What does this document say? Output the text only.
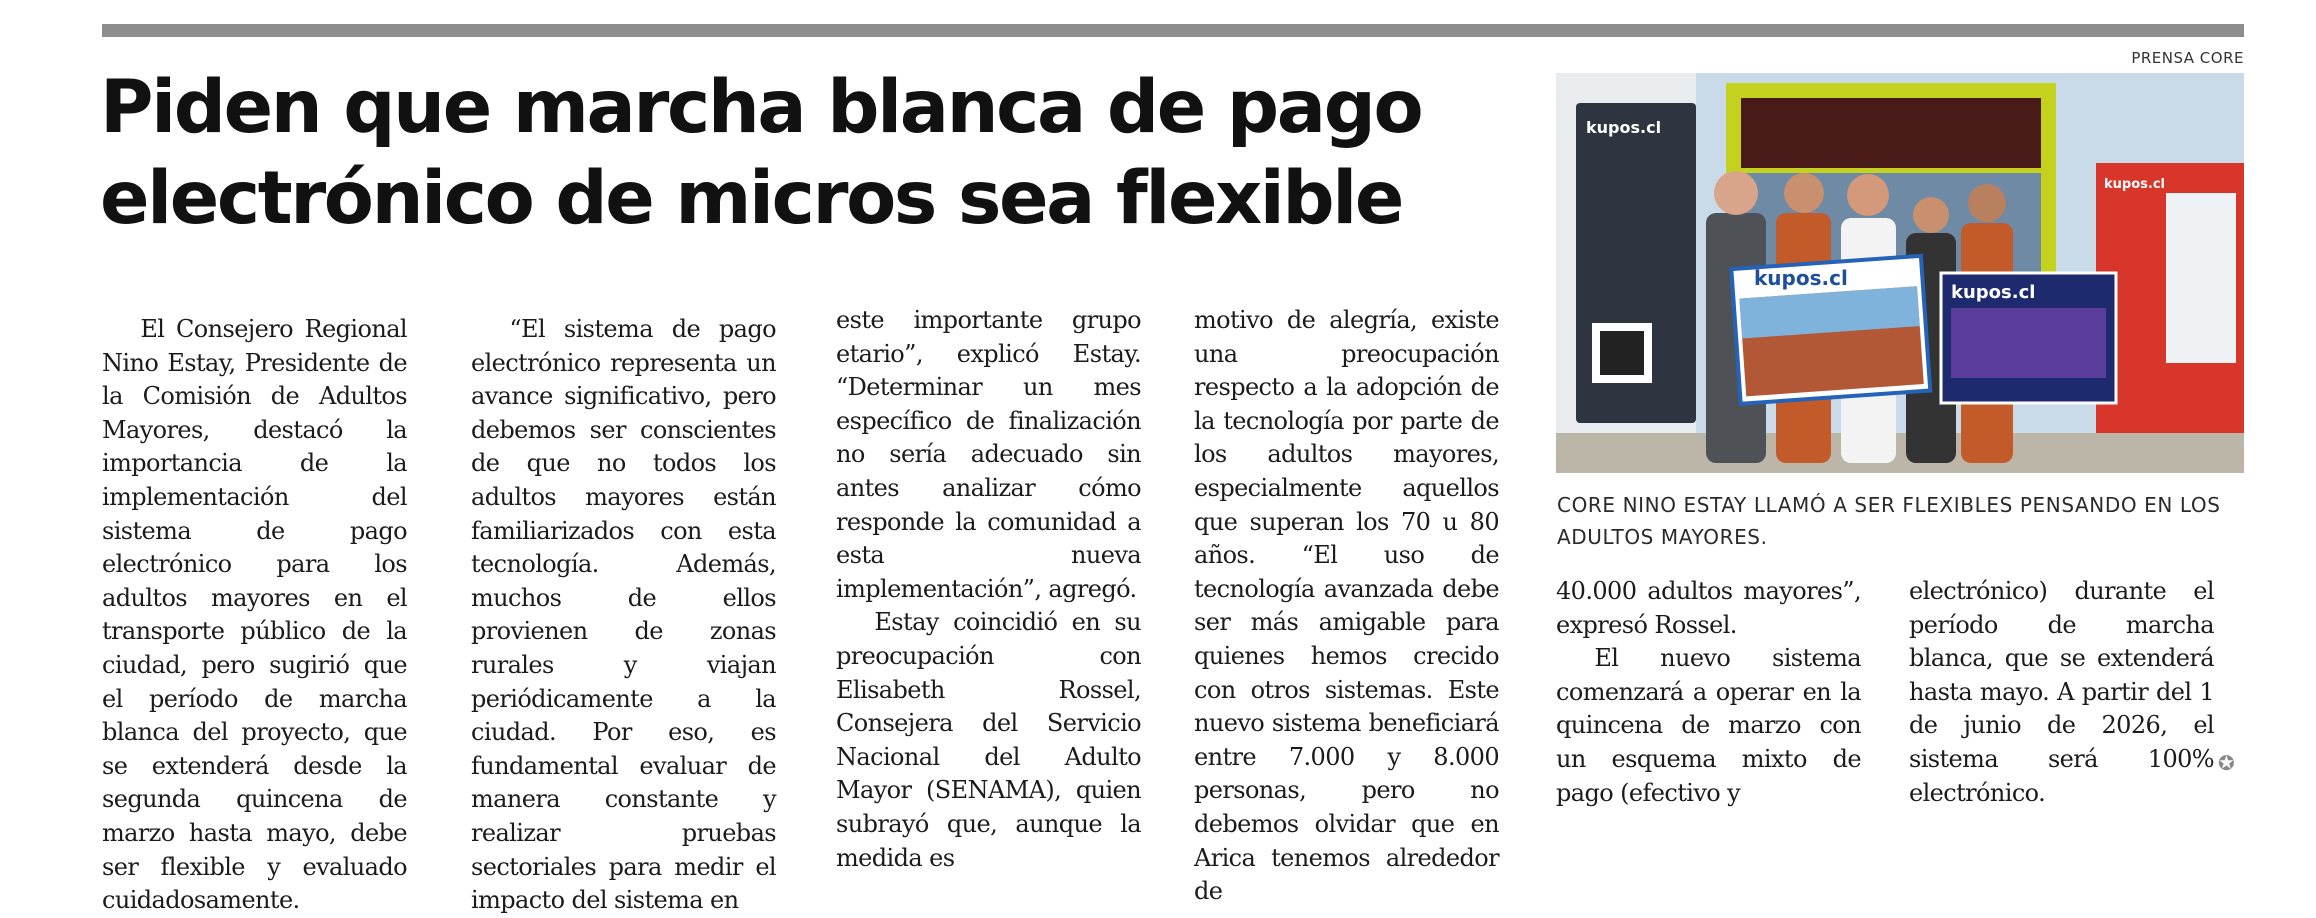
Piden que marcha blanca de pago
electrónico de micros sea flexible

El Consejero Regional Nino Estay, Presidente de la Comisión de Adultos Mayores, destacó la importancia de la implementación del sistema de pago electrónico para los adultos mayores en el transporte público de la ciudad, pero sugirió que el período de marcha blanca del proyecto, que se extenderá desde la segunda quincena de marzo hasta mayo, debe ser flexible y evaluado cuidadosamente.

“El sistema de pago electrónico representa un avance significativo, pero debemos ser conscientes de que no todos los adultos mayores están familiarizados con esta tecnología. Además, muchos de ellos provienen de zonas rurales y viajan periódicamente a la ciudad. Por eso, es fundamental evaluar de manera constante y realizar pruebas sectoriales para medir el impacto del sistema en

este importante grupo etario”, explicó Estay. “Determinar un mes específico de finalización no sería adecuado sin antes analizar cómo responde la comunidad a esta nueva implementación”, agregó.

Estay coincidió en su preocupación con Elisabeth Rossel, Consejera del Servicio Nacional del Adulto Mayor (SENAMA), quien subrayó que, aunque la medida es

motivo de alegría, existe una preocupación respecto a la adopción de la tecnología por parte de los adultos mayores, especialmente aquellos que superan los 70 u 80 años. “El uso de tecnología avanzada debe ser más amigable para quienes hemos crecido con otros sistemas. Este nuevo sistema beneficiará entre 7.000 y 8.000 personas, pero no debemos olvidar que en Arica tenemos alrededor de

PRENSA CORE
kupos.cl
kupos.cl
kupos.cl
kupos.cl
CORE NINO ESTAY LLAMÓ A SER FLEXIBLES PENSANDO EN LOS ADULTOS MAYORES.

40.000 adultos mayores”, expresó Rossel.

El nuevo sistema comenzará a operar en la quincena de marzo con un esquema mixto de pago (efectivo y

electrónico) durante el período de marcha blanca, que se extenderá hasta mayo. A partir del 1 de junio de 2026, el sistema será 100% electrónico.

✪
